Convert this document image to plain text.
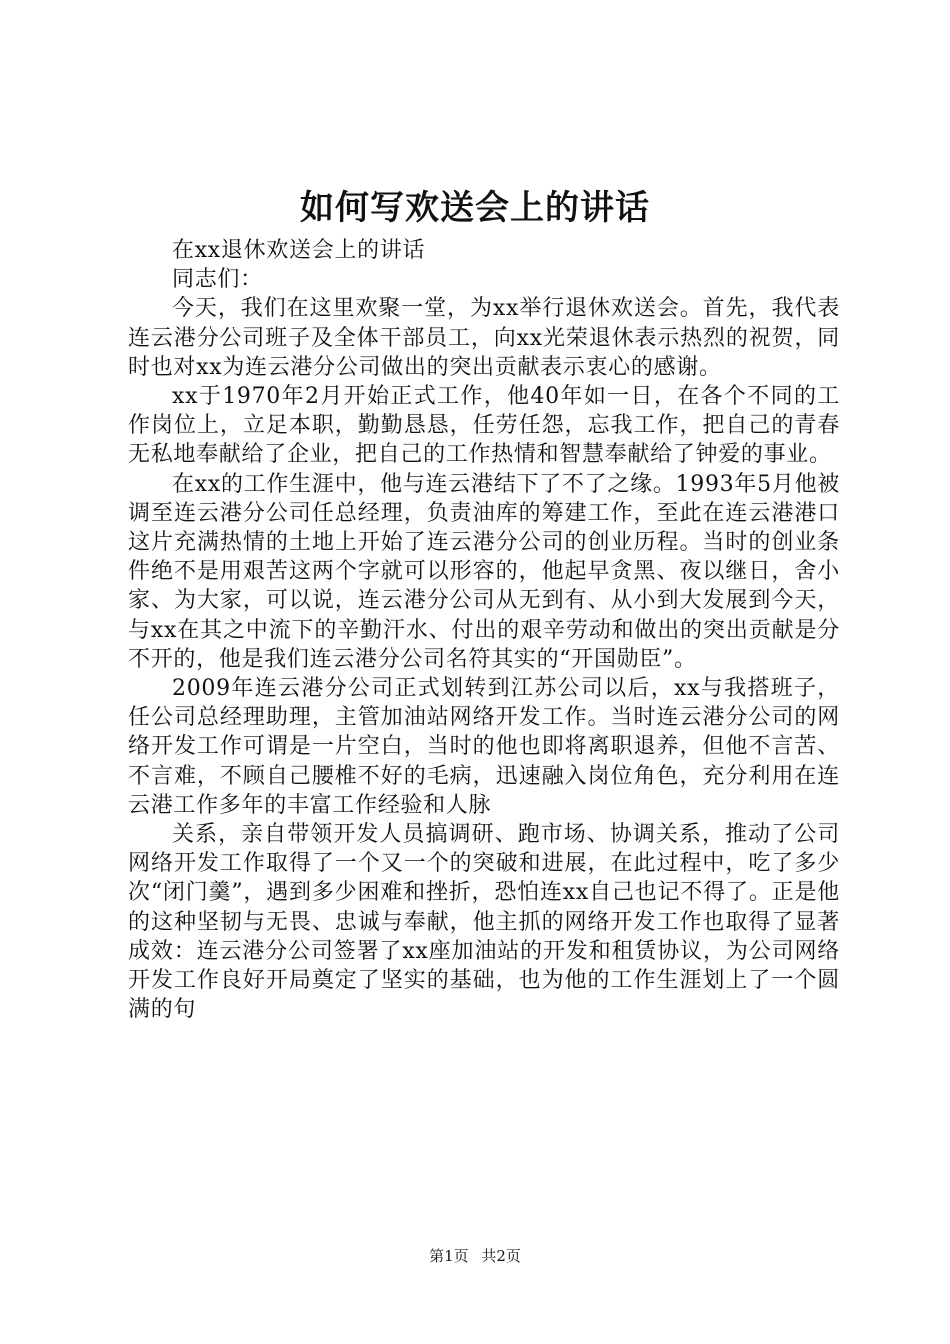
如何写欢送会上的讲话

在xx退休欢送会上的讲话

同志们：

今天，我们在这里欢聚一堂，为xx举行退休欢送会。首先，我代表连云港分公司班子及全体干部员工，向xx光荣退休表示热烈的祝贺，同时也对xx为连云港分公司做出的突出贡献表示衷心的感谢。

xx于1970年2月开始正式工作，他40年如一日，在各个不同的工作岗位上，立足本职，勤勤恳恳，任劳任怨，忘我工作，把自己的青春无私地奉献给了企业，把自己的工作热情和智慧奉献给了钟爱的事业。

在xx的工作生涯中，他与连云港结下了不了之缘。1993年5月他被调至连云港分公司任总经理，负责油库的筹建工作，至此在连云港港口这片充满热情的土地上开始了连云港分公司的创业历程。当时的创业条件绝不是用艰苦这两个字就可以形容的，他起早贪黑、夜以继日，舍小家、为大家，可以说，连云港分公司从无到有、从小到大发展到今天，与xx在其之中流下的辛勤汗水、付出的艰辛劳动和做出的突出贡献是分不开的，他是我们连云港分公司名符其实的“开国勋臣”。

2009年连云港分公司正式划转到江苏公司以后，xx与我搭班子，任公司总经理助理，主管加油站网络开发工作。当时连云港分公司的网络开发工作可谓是一片空白，当时的他也即将离职退养，但他不言苦、不言难，不顾自己腰椎不好的毛病，迅速融入岗位角色，充分利用在连云港工作多年的丰富工作经验和人脉

关系，亲自带领开发人员搞调研、跑市场、协调关系，推动了公司网络开发工作取得了一个又一个的突破和进展，在此过程中，吃了多少次“闭门羹”，遇到多少困难和挫折，恐怕连xx自己也记不得了。正是他的这种坚韧与无畏、忠诚与奉献，他主抓的网络开发工作也取得了显著成效：连云港分公司签署了xx座加油站的开发和租赁协议，为公司网络开发工作良好开局奠定了坚实的基础，也为他的工作生涯划上了一个圆满的句

第1页 共2页
